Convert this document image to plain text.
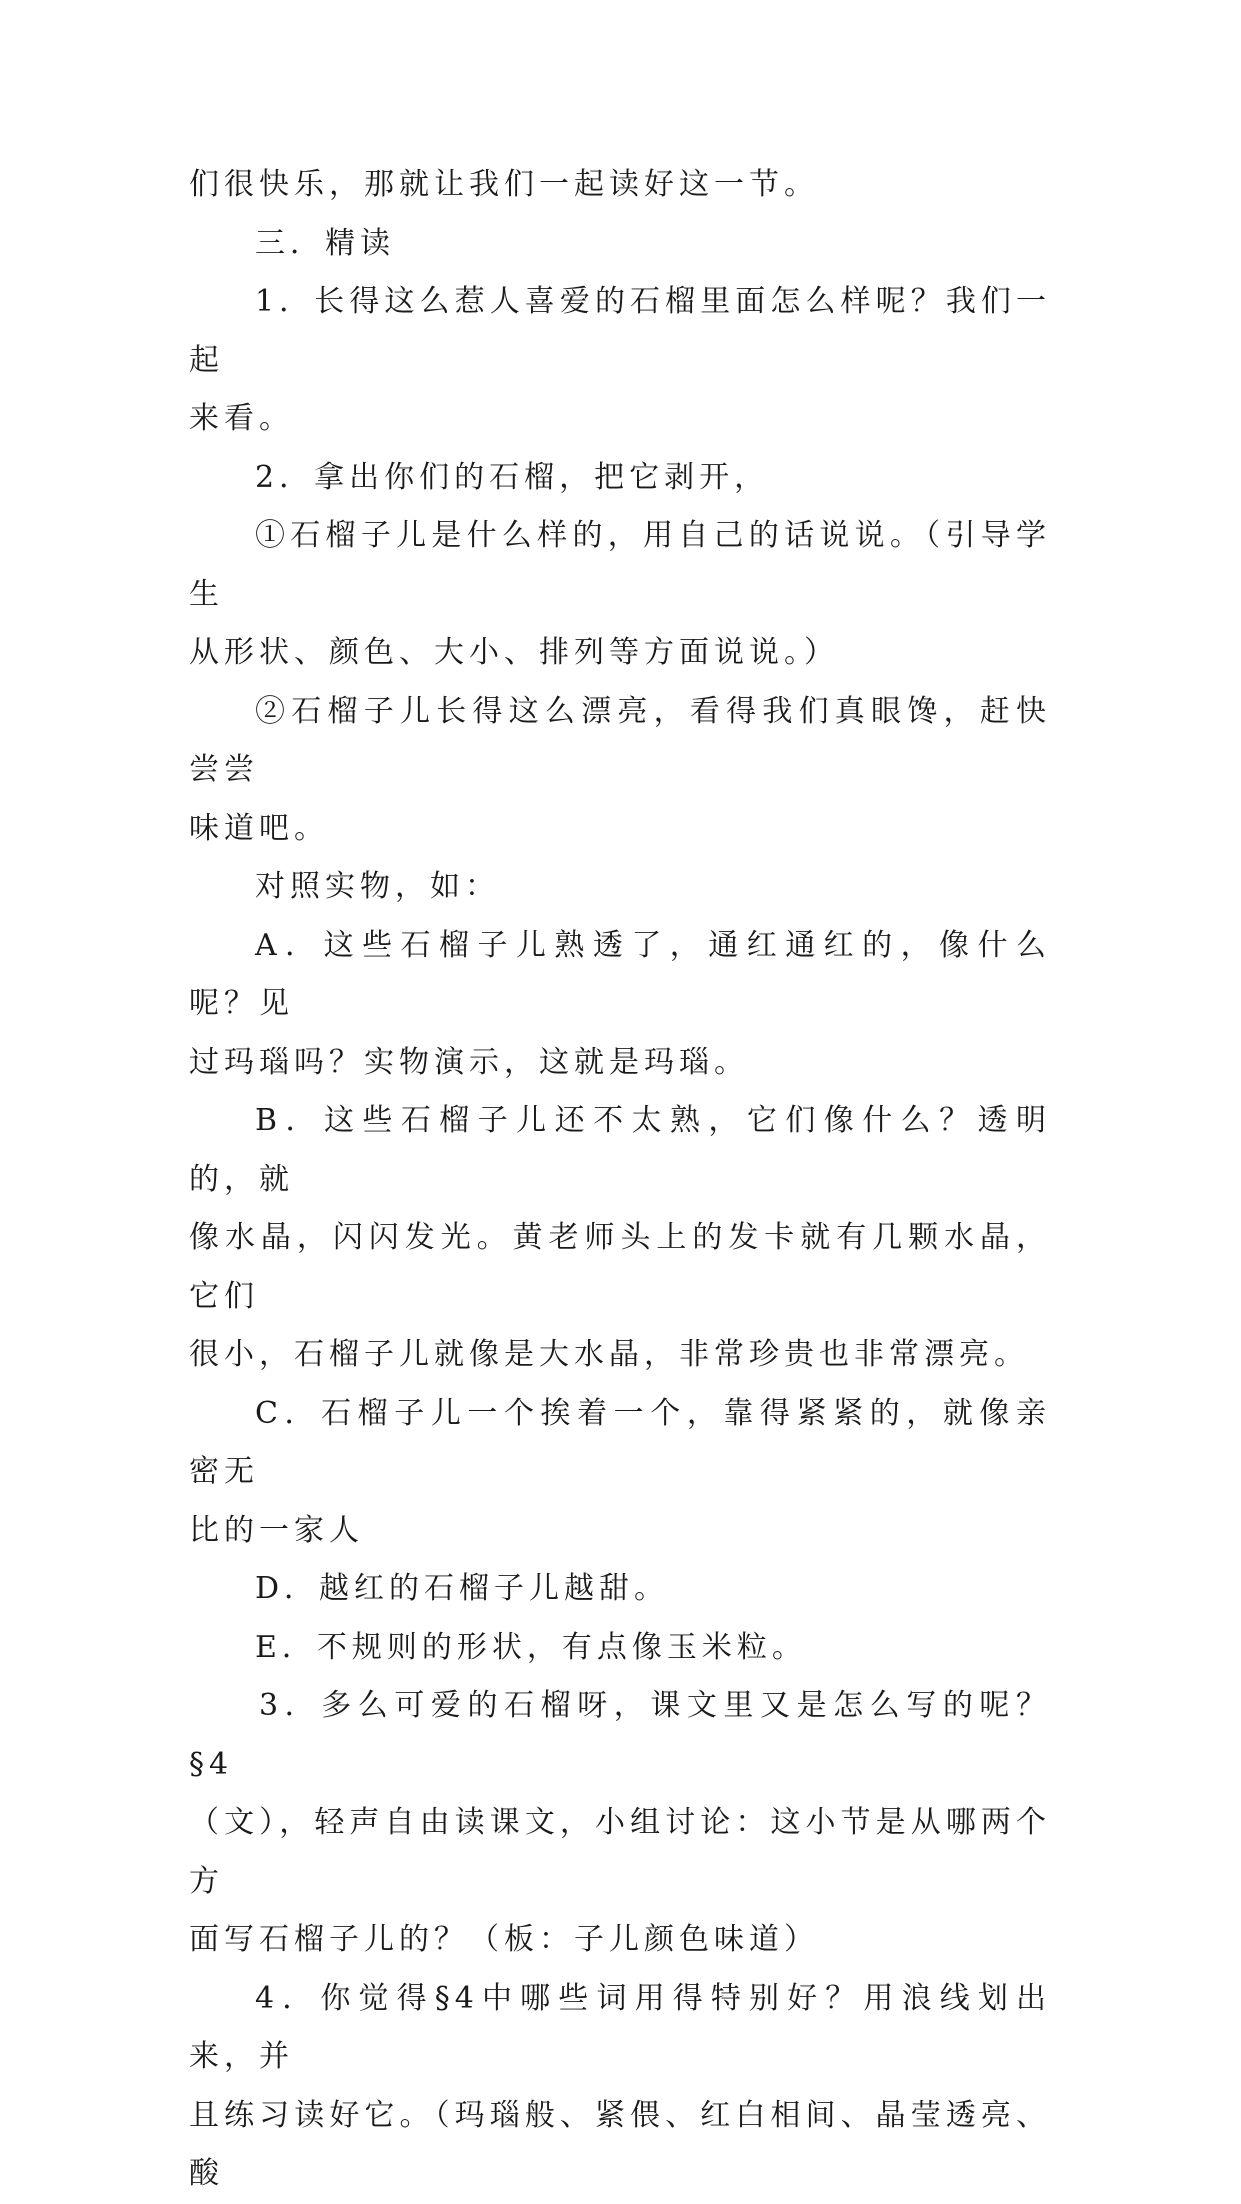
们很快乐，那就让我们一起读好这一节。

三．精读

1．长得这么惹人喜爱的石榴里面怎么样呢？我们一起
来看。

2．拿出你们的石榴，把它剥开，

①石榴子儿是什么样的，用自己的话说说。（引导学生
从形状、颜色、大小、排列等方面说说。）

②石榴子儿长得这么漂亮，看得我们真眼馋，赶快尝尝
味道吧。

对照实物，如：

A．这些石榴子儿熟透了，通红通红的，像什么呢？见
过玛瑙吗？实物演示，这就是玛瑙。

B．这些石榴子儿还不太熟，它们像什么？透明的，就
像水晶，闪闪发光。黄老师头上的发卡就有几颗水晶，它们
很小，石榴子儿就像是大水晶，非常珍贵也非常漂亮。

C．石榴子儿一个挨着一个，靠得紧紧的，就像亲密无
比的一家人

D．越红的石榴子儿越甜。

E．不规则的形状，有点像玉米粒。

3．多么可爱的石榴呀，课文里又是怎么写的呢？§4
（文），轻声自由读课文，小组讨论：这小节是从哪两个方
面写石榴子儿的？（板：子儿颜色味道）

4．你觉得§4中哪些词用得特别好？用浪线划出来，并
且练习读好它。（玛瑙般、紧偎、红白相间、晶莹透亮、酸
